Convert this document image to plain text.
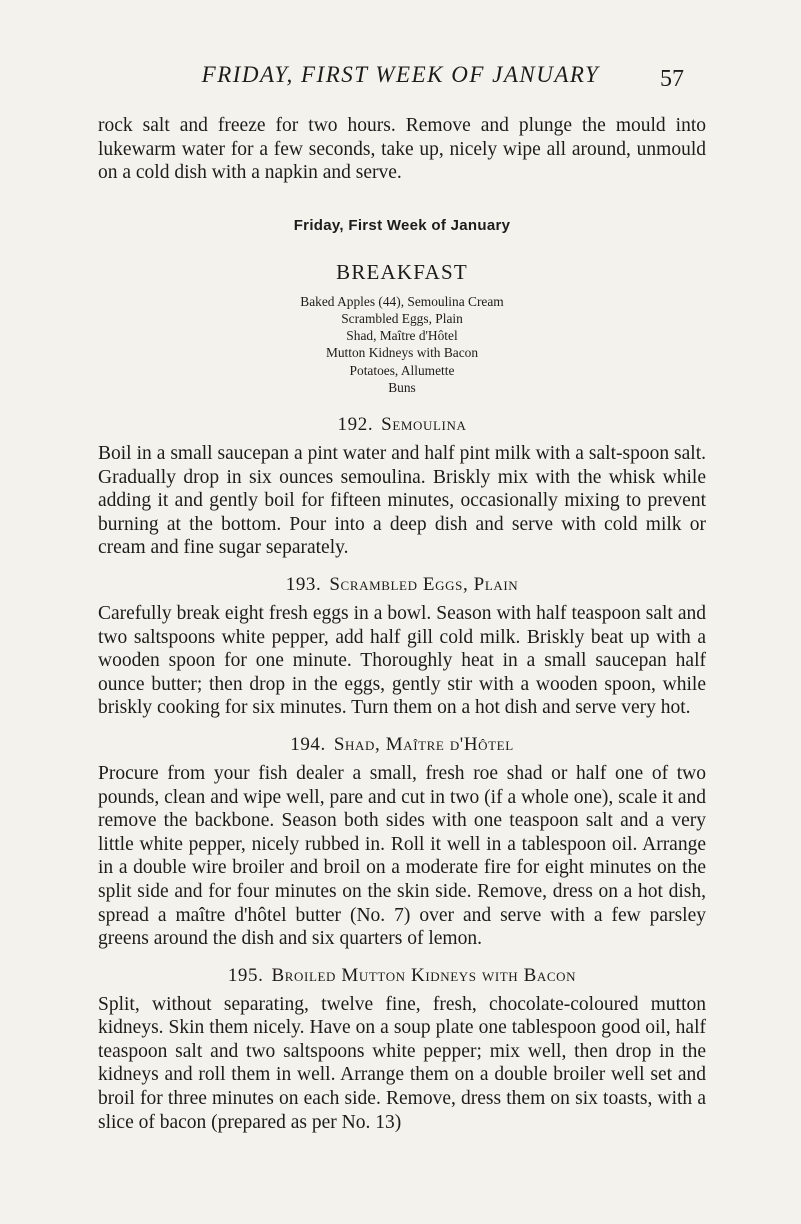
FRIDAY, FIRST WEEK OF JANUARY	57

rock salt and freeze for two hours. Remove and plunge the mould into lukewarm water for a few seconds, take up, nicely wipe all around, unmould on a cold dish with a napkin and serve.

Friday, First Week of January
BREAKFAST
Baked Apples (44), Semoulina Cream
Scrambled Eggs, Plain
Shad, Maître d'Hôtel
Mutton Kidneys with Bacon
Potatoes, Allumette
Buns
192. Semoulina

Boil in a small saucepan a pint water and half pint milk with a salt-spoon salt. Gradually drop in six ounces semoulina. Briskly mix with the whisk while adding it and gently boil for fifteen minutes, occasionally mixing to prevent burning at the bottom. Pour into a deep dish and serve with cold milk or cream and fine sugar separately.

193. Scrambled Eggs, Plain

Carefully break eight fresh eggs in a bowl. Season with half teaspoon salt and two saltspoons white pepper, add half gill cold milk. Briskly beat up with a wooden spoon for one minute. Thoroughly heat in a small saucepan half ounce butter; then drop in the eggs, gently stir with a wooden spoon, while briskly cooking for six minutes. Turn them on a hot dish and serve very hot.

194. Shad, Maître d'Hôtel

Procure from your fish dealer a small, fresh roe shad or half one of two pounds, clean and wipe well, pare and cut in two (if a whole one), scale it and remove the backbone. Season both sides with one teaspoon salt and a very little white pepper, nicely rubbed in. Roll it well in a tablespoon oil. Arrange in a double wire broiler and broil on a moderate fire for eight minutes on the split side and for four minutes on the skin side. Remove, dress on a hot dish, spread a maître d'hôtel butter (No. 7) over and serve with a few parsley greens around the dish and six quarters of lemon.

195. Broiled Mutton Kidneys with Bacon

Split, without separating, twelve fine, fresh, chocolate-coloured mutton kidneys. Skin them nicely. Have on a soup plate one tablespoon good oil, half teaspoon salt and two saltspoons white pepper; mix well, then drop in the kidneys and roll them in well. Arrange them on a double broiler well set and broil for three minutes on each side. Remove, dress them on six toasts, with a slice of bacon (prepared as per No. 13)
